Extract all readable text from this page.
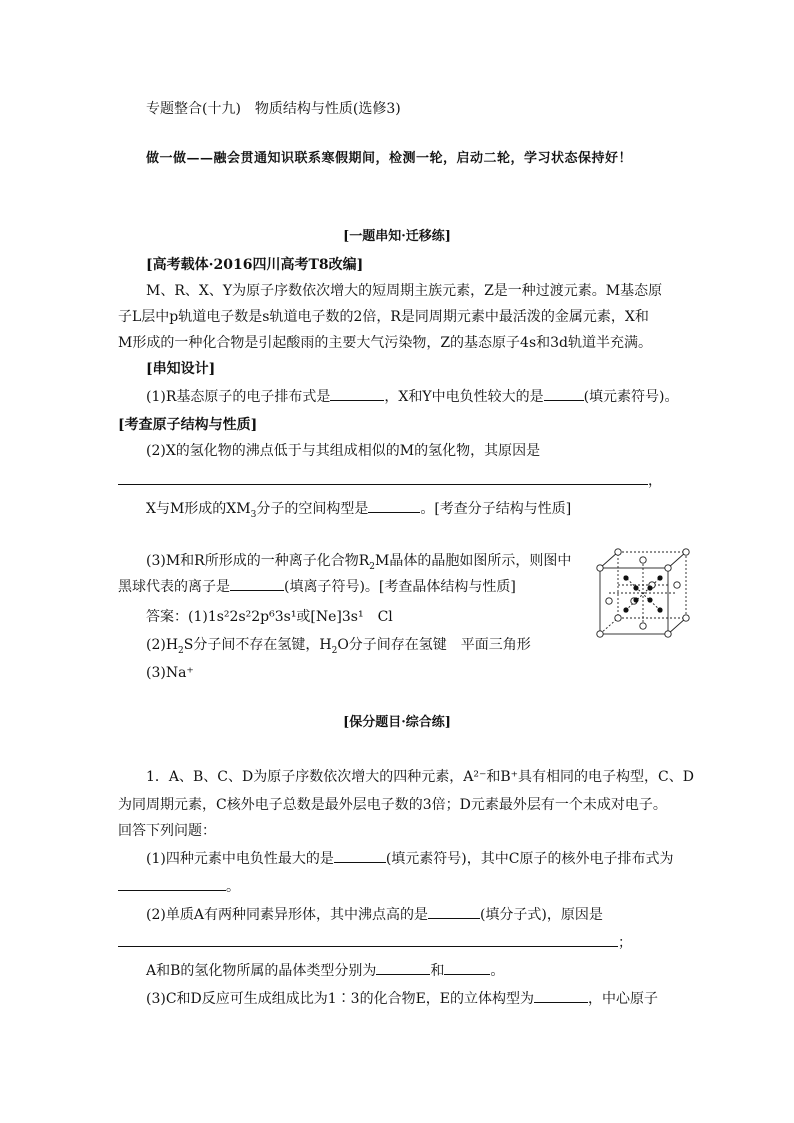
专题整合(十九)　物质结构与性质(选修3)
做一做——融会贯通知识联系寒假期间，检测一轮，启动二轮，学习状态保持好！
[一题串知·迁移练]
[高考载体·2016四川高考T8改编]
M、R、X、Y为原子序数依次增大的短周期主族元素，Z是一种过渡元素。M基态原
子L层中p轨道电子数是s轨道电子数的2倍，R是同周期元素中最活泼的金属元素，X和
M形成的一种化合物是引起酸雨的主要大气污染物，Z的基态原子4s和3d轨道半充满。
[串知设计]
(1)R基态原子的电子排布式是	，X和Y中电负性较大的是	(填元素符号)。
[考查原子结构与性质]
(2)X的氢化物的沸点低于与其组成相似的M的氢化物，其原因是
，
X与M形成的$XM_3$分子的空间构型是	。[考查分子结构与性质]
(3)M和R所形成的一种离子化合物$R_2M$晶体的晶胞如图所示，则图中
黑球代表的离子是	(填离子符号)。[考查晶体结构与性质]
答案：(1)1s²2s²2p⁶3s¹或[Ne]3s¹　Cl
$(2)H_2S$分子间不存在氢键，$H_2O$分子间存在氢键　平面三角形
(3)Na⁺
[保分题目·综合练]
1．A、B、C、D为原子序数依次增大的四种元素，A²⁻和B⁺具有相同的电子构型，C、D
为同周期元素，C核外电子总数是最外层电子数的3倍；D元素最外层有一个未成对电子。
回答下列问题：
(1)四种元素中电负性最大的是	(填元素符号)，其中C原子的核外电子排布式为
。
(2)单质A有两种同素异形体，其中沸点高的是	(填分子式)，原因是
；
A和B的氢化物所属的晶体类型分别为	和	。
(3)C和D反应可生成组成比为1∶3的化合物E，E的立体构型为	，中心原子
